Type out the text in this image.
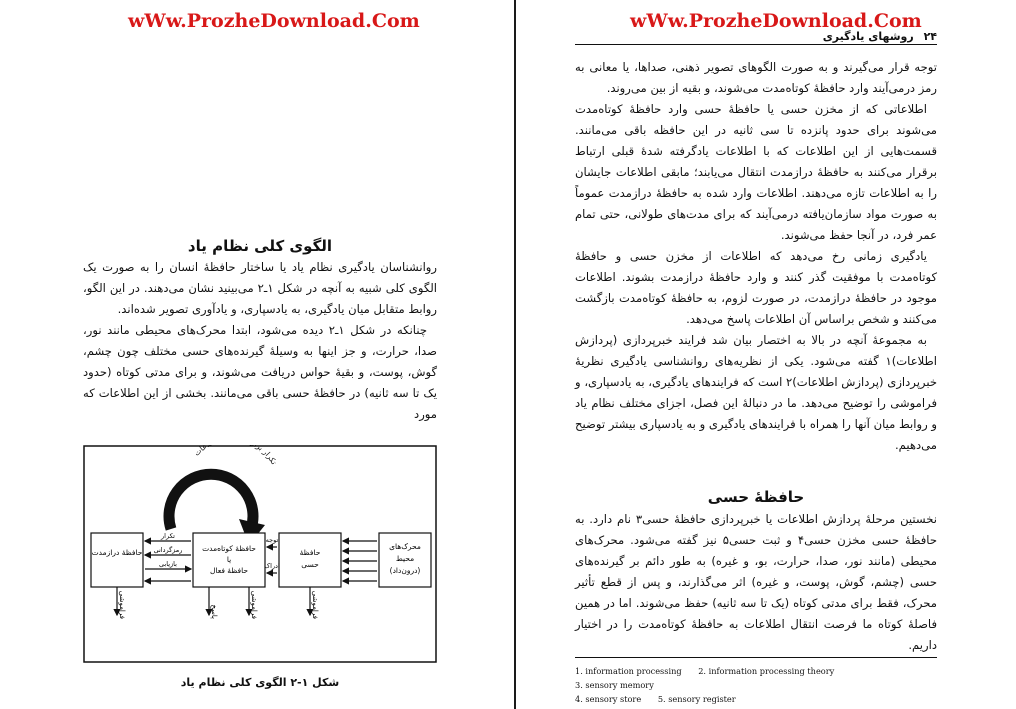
wWw.ProzheDownload.Com	wWw.ProzheDownload.Com
۲۴ روشهای یادگیری

توجه قرار می‌گیرند و به صورت الگوهای تصویر ذهنی، صداها، یا معانی به رمز درمی‌آیند وارد حافظهٔ کوتاه‌مدت می‌شوند، و بقیه از بین می‌روند.

اطلاعاتی که از مخزن حسی یا حافظهٔ حسی وارد حافظهٔ کوتاه‌مدت می‌شوند برای حدود پانزده تا سی ثانیه در این حافظه باقی می‌مانند. قسمت‌هایی از این اطلاعات که با اطلاعات یادگرفته شدهٔ قبلی ارتباط برقرار می‌کنند به حافظهٔ درازمدت انتقال می‌یابند؛ مابقی اطلاعات جایشان را به اطلاعات تازه می‌دهند. اطلاعات وارد شده به حافظهٔ درازمدت عموماً به صورت مواد سازمان‌یافته درمی‌آیند که برای مدت‌های طولانی، حتی تمام عمر فرد، در آنجا حفظ می‌شوند.

یادگیری زمانی رخ می‌دهد که اطلاعات از مخزن حسی و حافظهٔ کوتاه‌مدت با موفقیت گذر کنند و وارد حافظهٔ درازمدت بشوند. اطلاعات موجود در حافظهٔ درازمدت، در صورت لزوم، به حافظهٔ کوتاه‌مدت بازگشت می‌کنند و شخص براساس آن اطلاعات پاسخ می‌دهد.

به مجموعهٔ آنچه در بالا به اختصار بیان شد فرایند خبرپردازی (پردازش اطلاعات)۱ گفته می‌شود. یکی از نظریه‌های روانشناسی یادگیری نظریهٔ خبرپردازی (پردازش اطلاعات)۲ است که فرایندهای یادگیری، به یادسپاری، و فراموشی را توضیح می‌دهد. ما در دنبالهٔ این فصل، اجزای مختلف نظام یاد و روابط میان آنها را همراه با فرایندهای یادگیری و به یادسپاری بیشتر توضیح می‌دهیم.

حافظهٔ حسی

نخستین مرحلهٔ پردازش اطلاعات یا خبرپردازی حافظهٔ حسی۳ نام دارد. به حافظهٔ حسی مخزن حسی۴ و ثبت حسی۵ نیز گفته می‌شود. محرک‌های محیطی (مانند نور، صدا، حرارت، بو، و غیره) به طور دائم بر گیرنده‌های حسی (چشم، گوش، پوست، و غیره) اثر می‌گذارند، و پس از قطع تأثیر محرک، فقط برای مدتی کوتاه (یک تا سه ثانیه) حفظ می‌شوند. اما در همین فاصلهٔ کوتاه ما فرصت انتقال اطلاعات به حافظهٔ کوتاه‌مدت را در اختیار داریم.

1. information processing 2. information processing theory 3. sensory memory
4. sensory store 5. sensory register

الگوی کلی نظام یاد

روانشناسان یادگیری نظام یاد یا ساختار حافظهٔ انسان را به صورت یک الگوی کلی شبیه به آنچه در شکل ۱ـ۲ می‌بینید نشان می‌دهند. در این الگو، روابط متقابل میان یادگیری، به یادسپاری، و یادآوری تصویر شده‌اند.

چنانکه در شکل ۱ـ۲ دیده می‌شود، ابتدا محرک‌های محیطی مانند نور، صدا، حرارت، و جز اینها به وسیلهٔ گیرنده‌های حسی مختلف چون چشم، گوش، پوست، و بقیهٔ حواس دریافت می‌شوند، و برای مدتی کوتاه (حدود یک تا سه ثانیه) در حافظهٔ حسی باقی می‌مانند. بخشی از این اطلاعات که مورد

تکرار بر اطلاعات
حافظهٔ درازمدت	حافظهٔ کوتاه‌مدت
یا
حافظهٔ فعال
حافظهٔ
حسی
محرک‌های
محیط
(درون‌داد)
تکرار
رمزگردانی
بازیابی
توجه
ادراک
فراموشی	پاسخ	فراموشی	فراموشی
شکل ۱-۲ الگوی کلی نظام یاد
